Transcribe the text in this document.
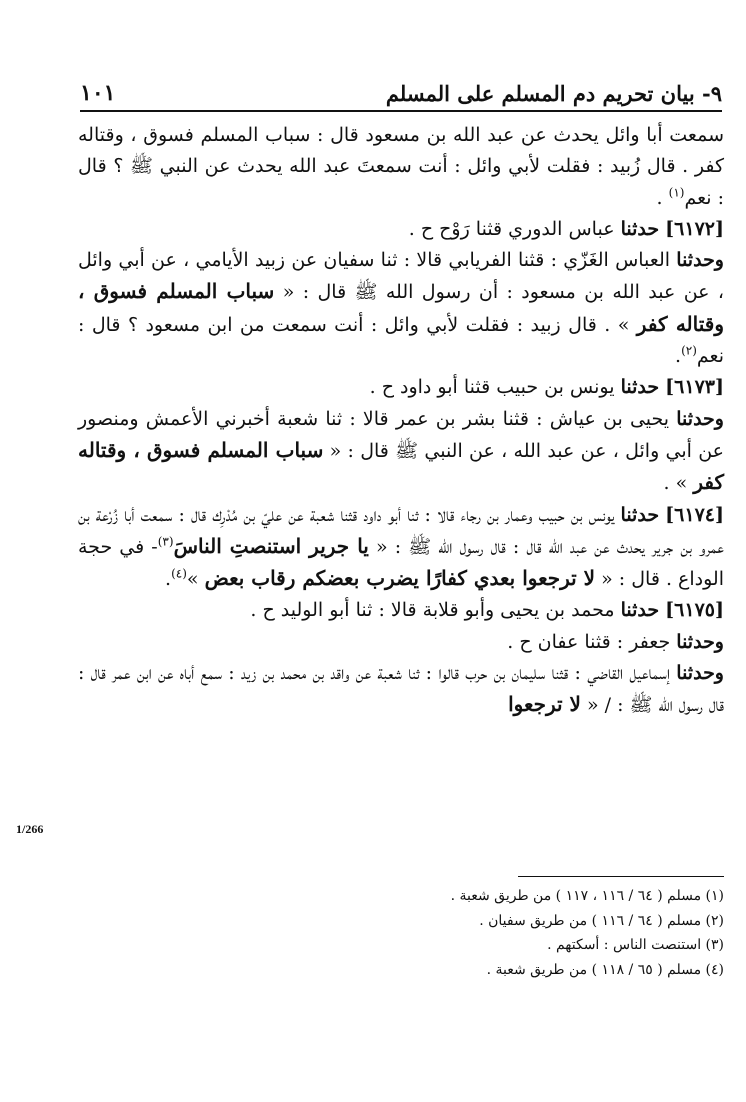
٩- بيان تحريم دم المسلم على المسلم
١٠١

سمعت أبا وائل يحدث عن عبد الله بن مسعود قال : سباب المسلم فسوق ، وقتاله كفر . قال زُبيد : فقلت لأبي وائل : أنت سمعتَ عبد الله يحدث عن النبي ﷺ ؟ قال : نعم$^{(١)}$ .

[٦١٧٢] حدثنا عباس الدوري قثنا رَوْح ح .

وحدثنا العباس الغَزّي : قثنا الفريابي قالا : ثنا سفيان عن زبيد الأيامي ، عن أبي وائل ، عن عبد الله بن مسعود : أن رسول الله ﷺ قال : « سباب المسلم فسوق ، وقتاله كفر » . قال زبيد : فقلت لأبي وائل : أنت سمعت من ابن مسعود ؟ قال : نعم$^{(٢)}$.

[٦١٧٣] حدثنا يونس بن حبيب قثنا أبو داود ح .

وحدثنا يحيى بن عياش : قثنا بشر بن عمر قالا : ثنا شعبة أخبرني الأعمش ومنصور عن أبي وائل ، عن عبد الله ، عن النبي ﷺ قال : « سباب المسلم فسوق ، وقتاله كفر » .

[٦١٧٤] حدثنا يونس بن حبيب وعمار بن رجاء قالا : ثنا أبو داود قثنا شعبة عن عليّ بن مُدْرِك قال : سمعت أبا زُرْعة بن عمرو بن جرير يحدث عن عبد الله قال : قال رسول الله ﷺ : « يا جرير استنصتِ الناسَ$^{(٣)}$- في حجة الوداع . قال : « لا ترجعوا بعدي كفارًا يضرب بعضكم رقاب بعض »$^{(٤)}$.

[٦١٧٥] حدثنا محمد بن يحيى وأبو قلابة قالا : ثنا أبو الوليد ح .

وحدثنا جعفر : قثنا عفان ح .

وحدثنا إسماعيل القاضي : قثنا سليمان بن حرب قالوا : ثنا شعبة عن واقد بن محمد بن زيد : سمع أباه عن ابن عمر قال : قال رسول الله ﷺ : / « لا ترجعوا

1/266

(١) مسلم ( ٦٤ / ١١٦ ، ١١٧ ) من طريق شعبة .

(٢) مسلم ( ٦٤ / ١١٦ ) من طريق سفيان .

(٣) استنصت الناس : أسكتهم .

(٤) مسلم ( ٦٥ / ١١٨ ) من طريق شعبة .
